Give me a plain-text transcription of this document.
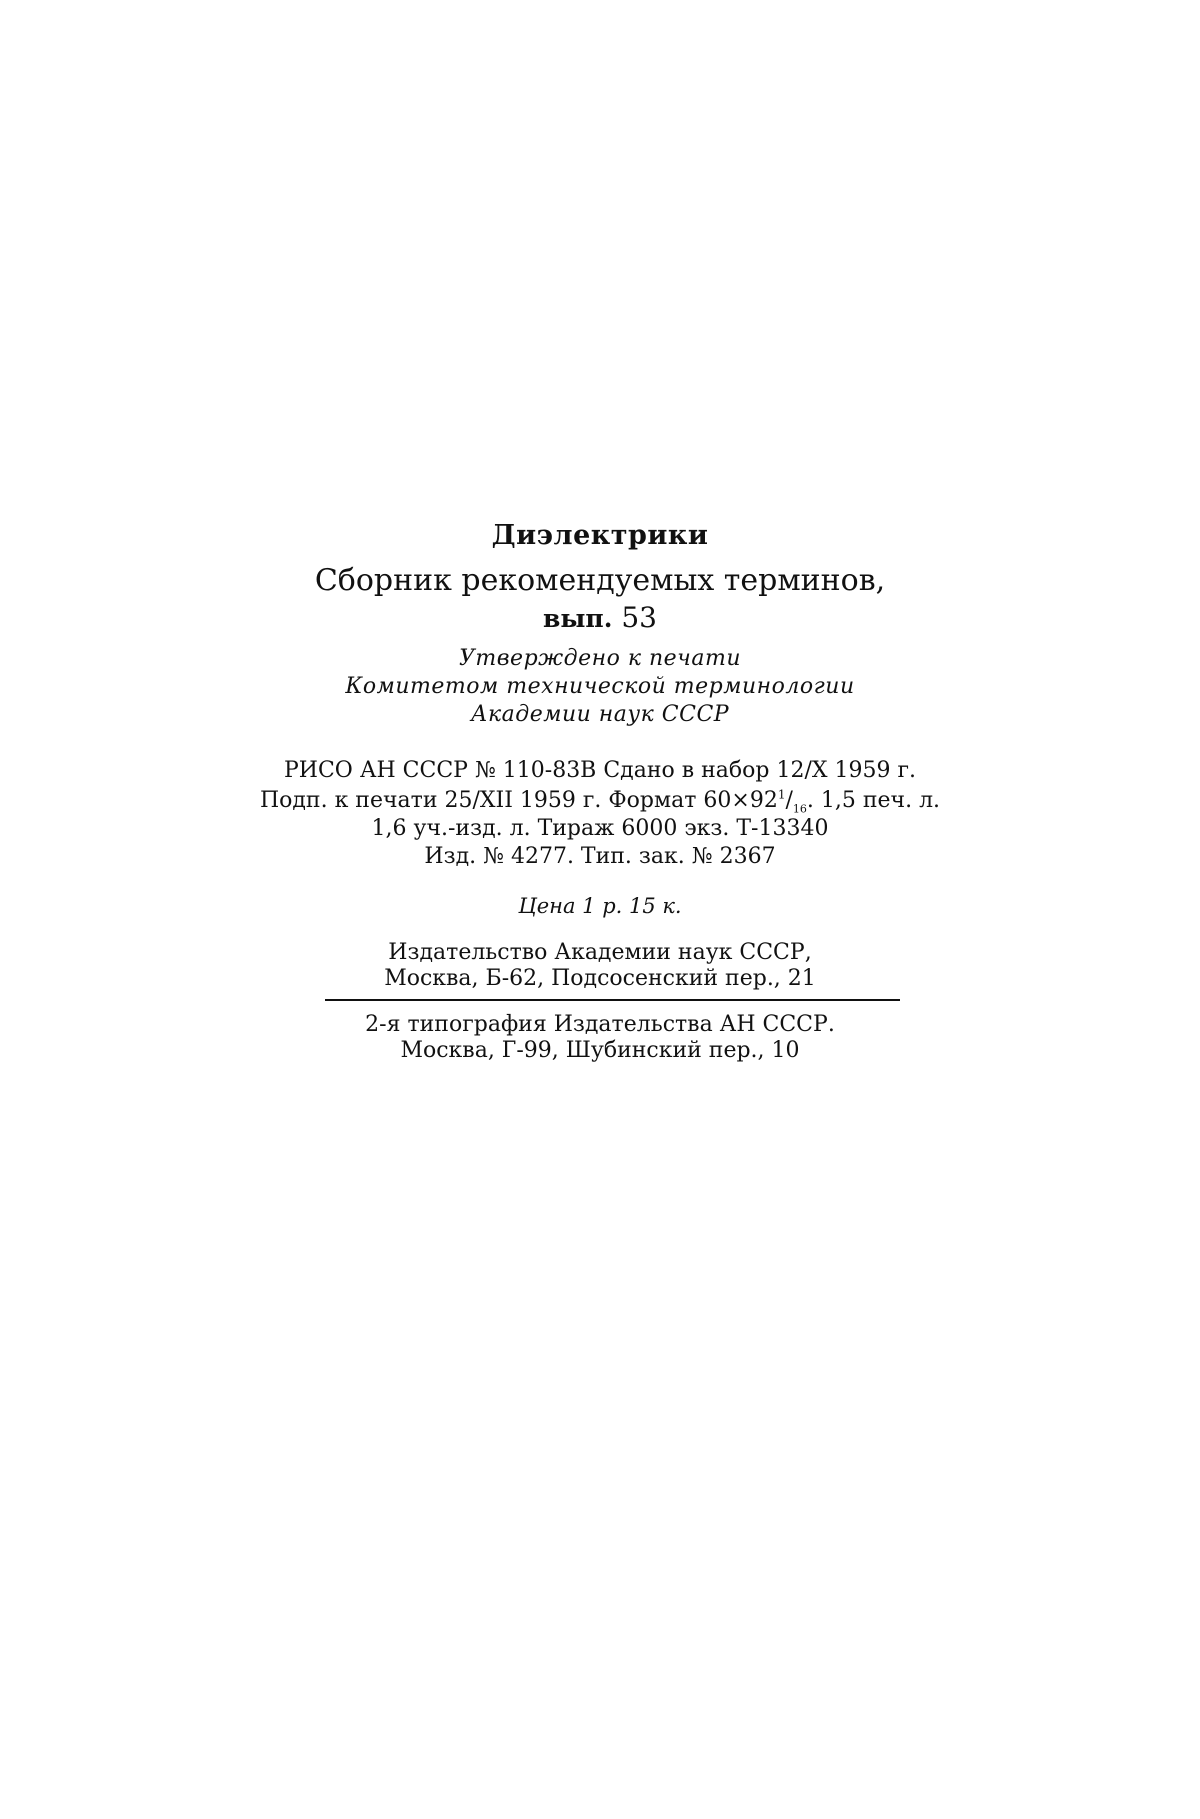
Диэлектрики
Сборник рекомендуемых терминов,
вып. 53
Утверждено к печати
Комитетом технической терминологии
Академии наук СССР
РИСО АН СССР № 110-83В Сдано в набор 12/X 1959 г.
Подп. к печати 25/XII 1959 г. Формат $60\times 92^1/_{16}$. 1,5 печ. л.
1,6 уч.-изд. л. Тираж 6000 экз. Т-13340
Изд. № 4277. Тип. зак. № 2367
Цена 1 р. 15 к.
Издательство Академии наук СССР,
Москва, Б-62, Подсосенский пер., 21
2-я типография Издательства АН СССР.
Москва, Г-99, Шубинский пер., 10
